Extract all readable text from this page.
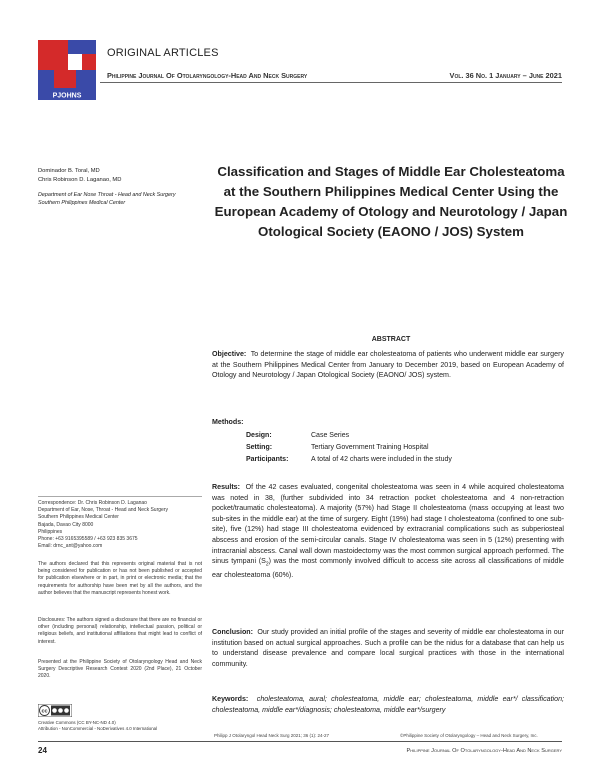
PJOHNS
ORIGINAL ARTICLES
Philippine Journal Of Otolaryngology-Head And Neck Surgery	Vol. 36 No. 1 January – June 2021
Dominador B. Toral, MD
Chris Robinson D. Laganao, MD
Department of Ear Nose Throat - Head and Neck Surgery
Southern Philippines Medical Center
Classification and Stages of Middle Ear Cholesteatoma at the Southern Philippines Medical Center Using the European Academy of Otology and Neurotology / Japan Otological Society (EAONO / JOS) System
ABSTRACT
Objective: To determine the stage of middle ear cholesteatoma of patients who underwent middle ear surgery at the Southern Philippines Medical Center from January to December 2019, based on European Academy of Otology and Neurotology / Japan Otological Society (EAONO/ JOS) system.
Methods:
Design:	Case Series
Setting:	Tertiary Government Training Hospital
Participants:	A total of 42 charts were included in the study
Results: Of the 42 cases evaluated, congenital cholesteatoma was seen in 4 while acquired cholesteatoma was noted in 38, (further subdivided into 34 retraction pocket cholesteatoma and 4 non-retraction pocket/traumatic cholesteatoma). A majority (57%) had Stage II cholesteatoma (mass occupying at least two sub-sites in the middle ear) at the time of surgery. Eight (19%) had stage I cholesteatoma (confined to one sub-site), five (12%) had stage III cholesteatoma evidenced by extracranial complications such as subperiosteal abscess and erosion of the semi-circular canals. Stage IV cholesteatoma was seen in 5 (12%) presenting with intracranial abscess. Canal wall down mastoidectomy was the most common surgical approach performed. The sinus tympani $(S_2)$ was the most commonly involved difficult to access site across all classifications of middle ear cholesteatoma (60%).
Conclusion: Our study provided an initial profile of the stages and severity of middle ear cholesteatoma in our institution based on actual surgical approaches. Such a profile can be the nidus for a database that can help us to understand disease prevalence and compare local surgical practices with those in the international community.
Keywords: cholesteatoma, aural; cholesteatoma, middle ear; cholesteatoma, middle ear*/ classification; cholesteatoma, middle ear*/diagnosis; cholesteatoma, middle ear*/surgery
Correspondence: Dr. Chris Robinson D. Laganao
Department of Ear, Nose, Throat - Head and Neck Surgery
Southern Philippines Medical Center
Bajada, Davao City 8000
Philippines
Phone: +63 9165395589 / +63 923 835 3675
Email: drnc_ant@yahoo.com
The authors declared that this represents original material that is not being considered for publication or has not been published or accepted for publication elsewhere or in part, in print or electronic media; that the requirements for authorship have been met by all the authors, and the author believes that the manuscript represents honest work.
Disclosures: The authors signed a disclosure that there are no financial or other (including personal) relationship, intellectual passion, political or religious beliefs, and institutional affiliations that might lead to conflict of interest.
Presented at the Philippine Society of Otolaryngology Head and Neck Surgery Descriptive Research Contest 2020 (2nd Place), 21 October 2020.
cc
Creative Commons (CC BY-NC-ND 4.0)
Attribution - NonCommercial - NoDerivatives 4.0 International
Philipp J Otolaryngol Head Neck Surg 2021; 36 (1): 24-27	©Philippine Society of Otolaryngology – Head and Neck Surgery, Inc.
24	Philippine Journal Of Otolaryngology-Head And Neck Surgery
